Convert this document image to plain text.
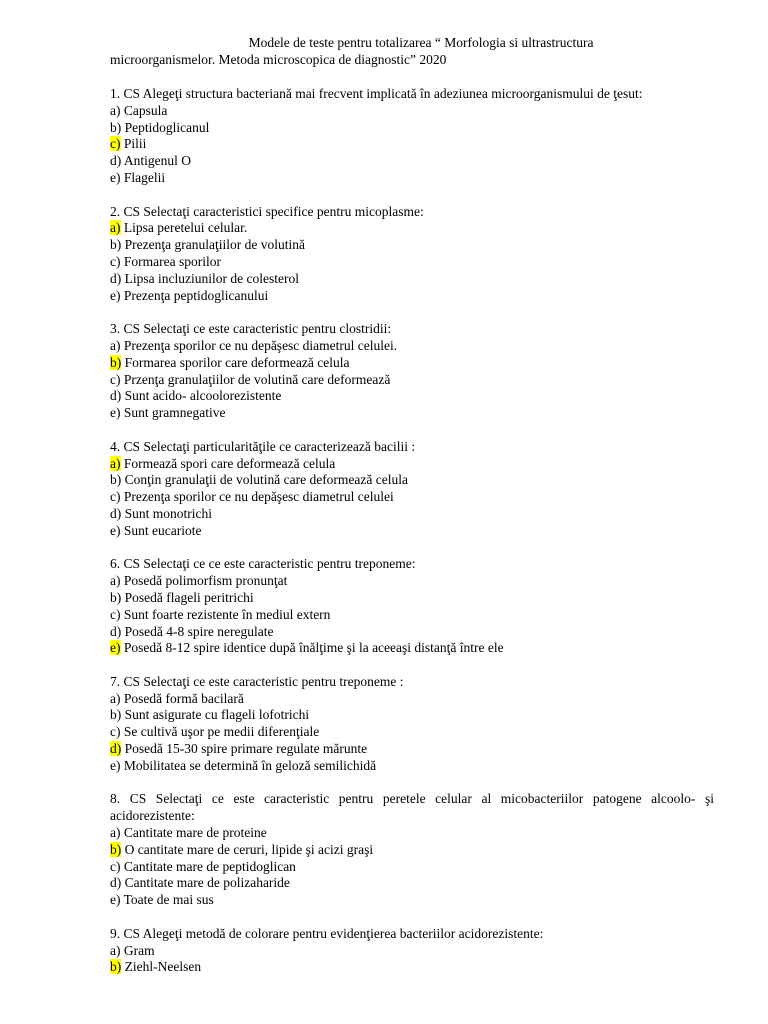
Modele de teste pentru totalizarea “ Morfologia si ultrastructura
microorganismelor. Metoda microscopica de diagnostic” 2020
1. CS Alegeţi structura bacteriană mai frecvent implicată în adeziunea microorganismului de ţesut:
a) Capsula
b) Peptidoglicanul
c) Pilii
d) Antigenul O
e) Flagelii
2. CS Selectaţi caracteristici specifice pentru micoplasme:
a) Lipsa peretelui celular.
b) Prezenţa granulaţiilor de volutină
c) Formarea sporilor
d) Lipsa incluziunilor de colesterol
e) Prezenţa peptidoglicanului
3. CS Selectaţi ce este caracteristic pentru clostridii:
a) Prezenţa sporilor ce nu depăşesc diametrul celulei.
b) Formarea sporilor care deformează celula
c) Przenţa granulaţiilor de volutină care deformează
d) Sunt acido- alcoolorezistente
e) Sunt gramnegative
4. CS Selectaţi particularităţile ce caracterizează bacilii :
a) Formează spori care deformează celula
b) Conţin granulaţii de volutină care deformează celula
c) Prezenţa sporilor ce nu depăşesc diametrul celulei
d) Sunt monotrichi
e) Sunt eucariote
6. CS Selectaţi ce ce este caracteristic pentru treponeme:
a) Posedă polimorfism pronunţat
b) Posedă flageli peritrichi
c) Sunt foarte rezistente în mediul extern
d) Posedă 4-8 spire neregulate
e) Posedă 8-12 spire identice după înălţime şi la aceeaşi distanţă între ele
7. CS Selectaţi ce este caracteristic pentru treponeme :
a) Posedă formă bacilară
b) Sunt asigurate cu flageli lofotrichi
c) Se cultivă uşor pe medii diferenţiale
d) Posedă 15-30 spire primare regulate mărunte
e) Mobilitatea se determină în geloză semilichidă
8. CS Selectaţi ce este caracteristic pentru peretele celular al micobacteriilor patogene alcoolo- şi acidorezistente:
a) Cantitate mare de proteine
b) O cantitate mare de ceruri, lipide şi acizi graşi
c) Cantitate mare de peptidoglican
d) Cantitate mare de polizaharide
e) Toate de mai sus
9. CS Alegeţi metodă de colorare pentru evidenţierea bacteriilor acidorezistente:
a) Gram
b) Ziehl-Neelsen
